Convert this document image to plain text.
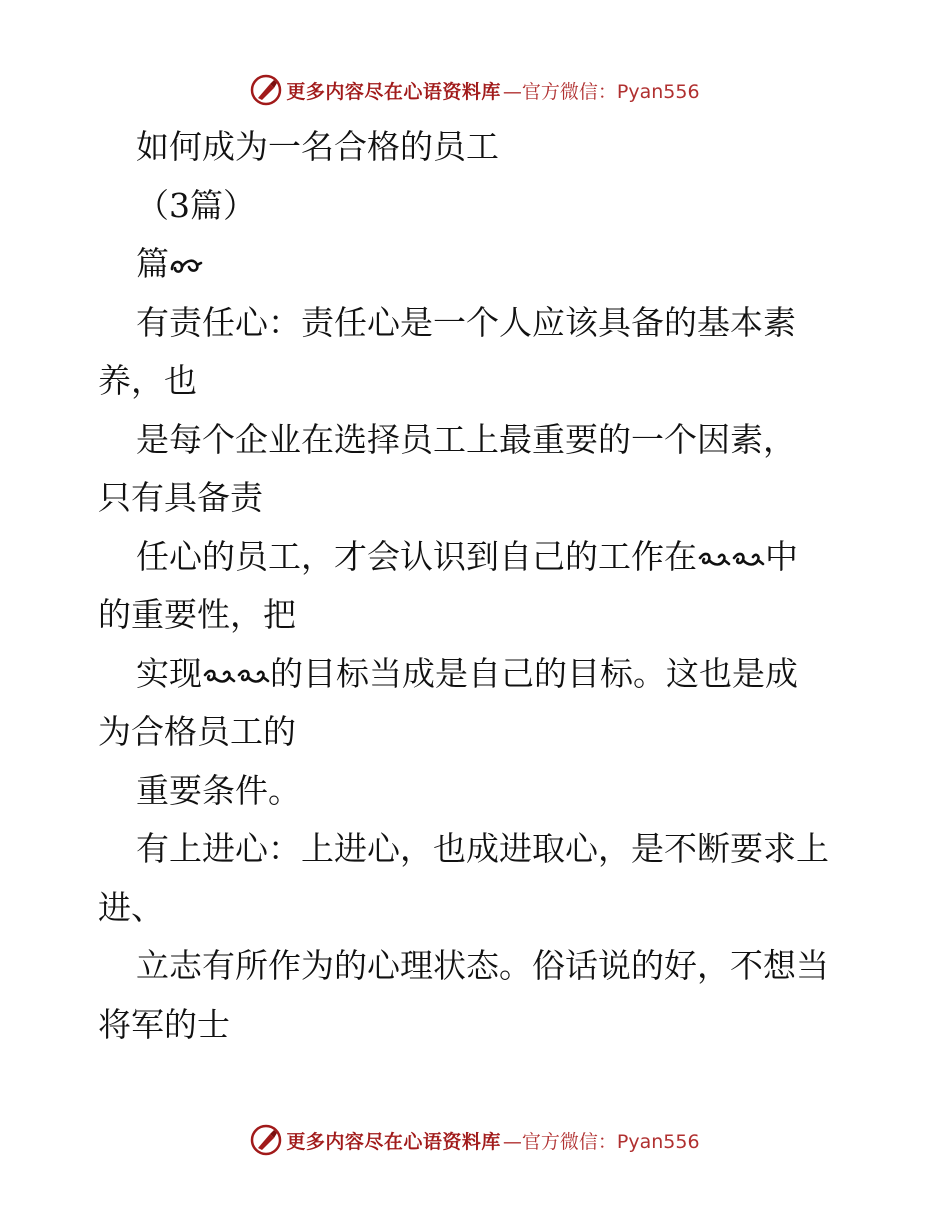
更多内容尽在心语资料库 —官方微信：Pyan556
如何成为一名合格的员工
（3篇）
篇
有责任心：责任心是一个人应该具备的基本素
养，也
是每个企业在选择员工上最重要的一个因素，
只有具备责
任心的员工，才会认识到自己的工作在 中
的重要性，把
实现 的目标当成是自己的目标。这也是成
为合格员工的
重要条件。
有上进心：上进心，也成进取心，是不断要求上
进、
立志有所作为的心理状态。俗话说的好，不想当
将军的士
更多内容尽在心语资料库 —官方微信：Pyan556
